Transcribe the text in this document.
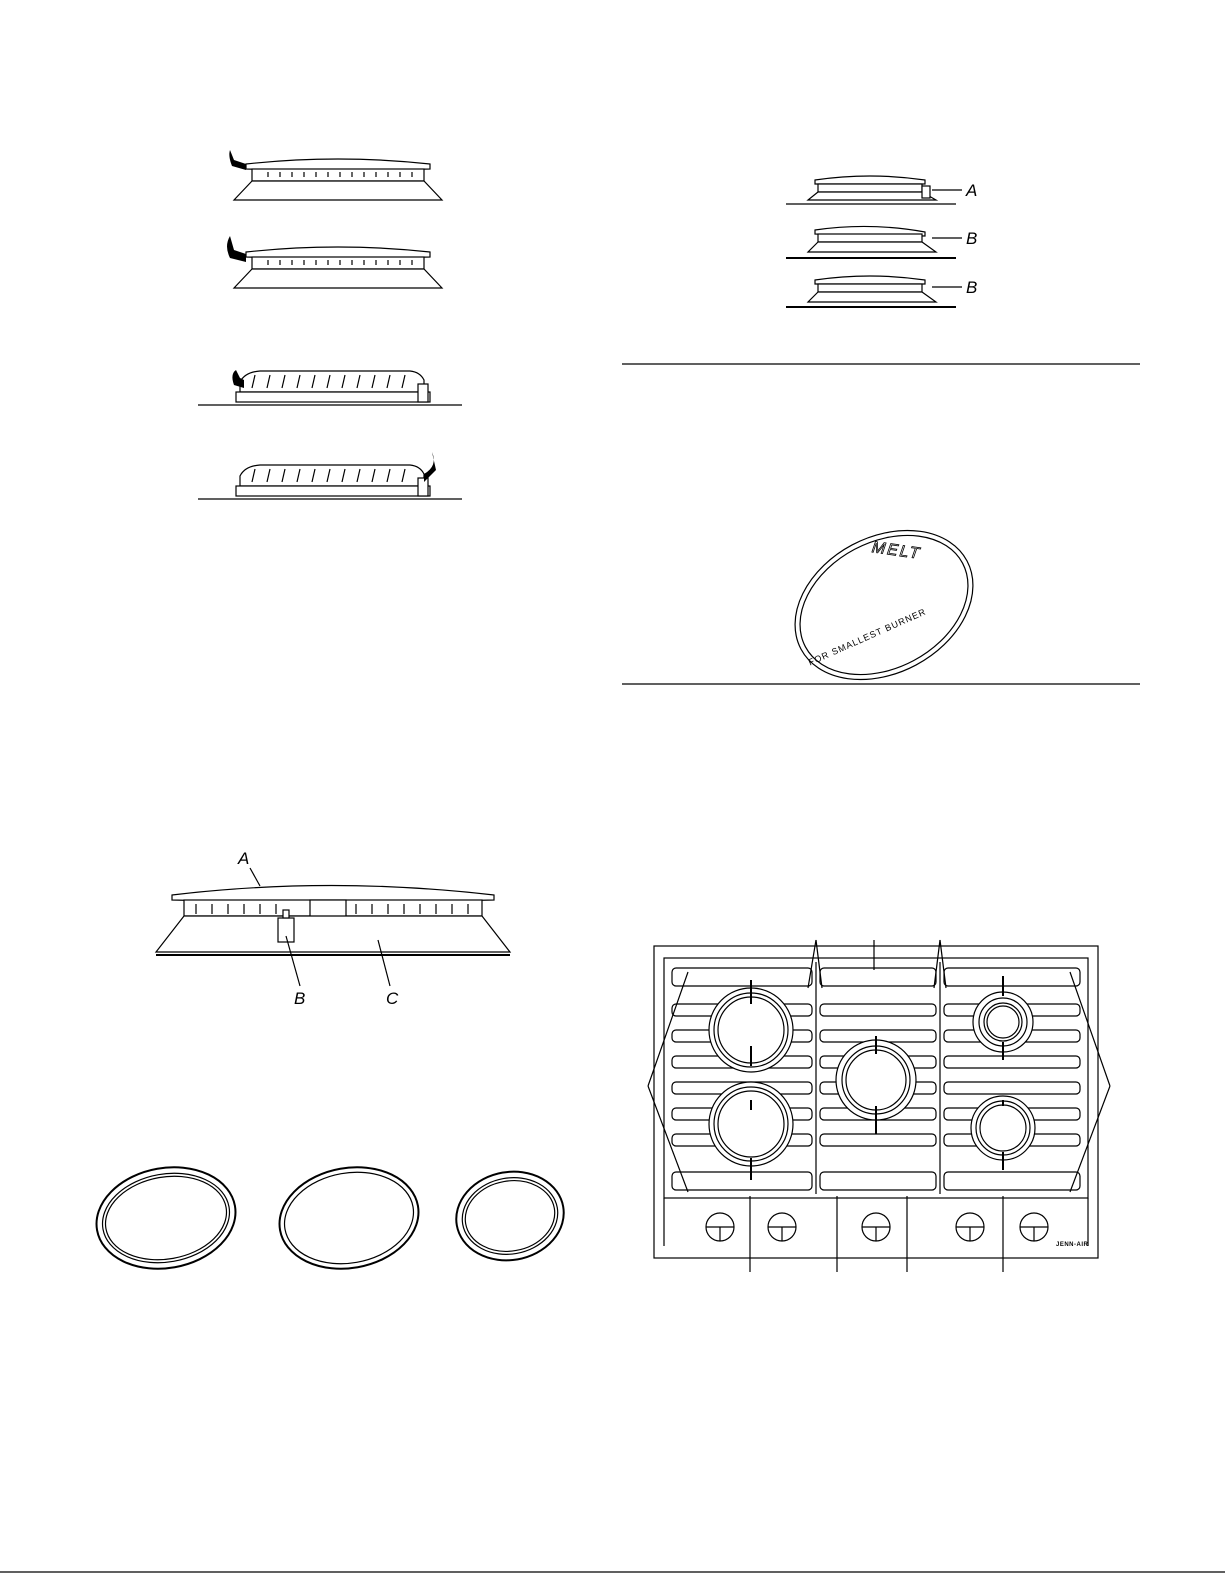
A
B
B
MELT
FOR SMALLEST BURNER
A
B	C
JENN-AIR
